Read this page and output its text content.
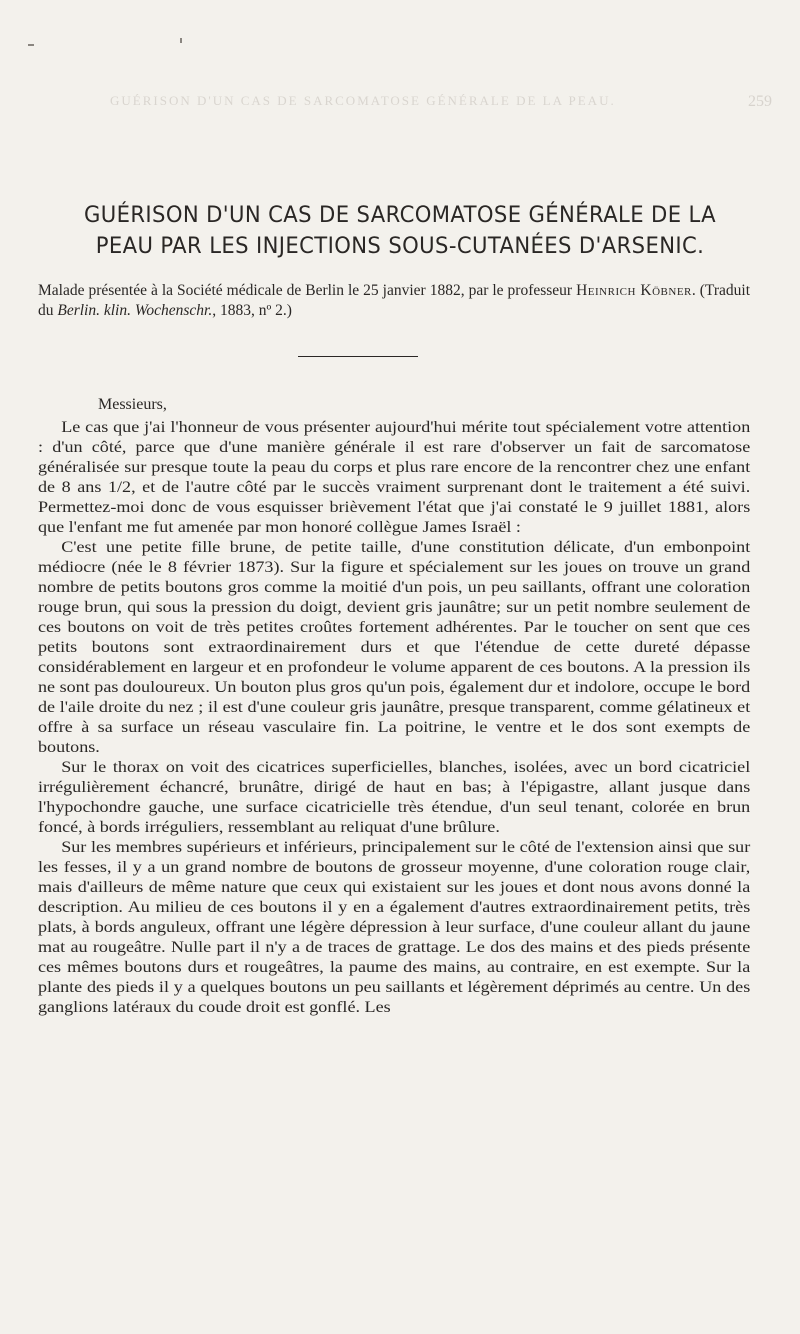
GUÉRISON D'UN CAS DE SARCOMATOSE GÉNÉRALE DE LA PEAU.	259
GUÉRISON D'UN CAS DE SARCOMATOSE GÉNÉRALE DE LA
PEAU PAR LES INJECTIONS SOUS-CUTANÉES D'ARSENIC.
Malade présentée à la Société médicale de Berlin le 25 janvier 1882, par le professeur Heinrich Köbner. (Traduit du Berlin. klin. Wochenschr., 1883, nº 2.)
Messieurs,

Le cas que j'ai l'honneur de vous présenter aujourd'hui mérite tout spécialement votre attention : d'un côté, parce que d'une manière générale il est rare d'observer un fait de sarcomatose généralisée sur presque toute la peau du corps et plus rare encore de la rencontrer chez une enfant de 8 ans 1/2, et de l'autre côté par le succès vraiment surprenant dont le traitement a été suivi. Permettez-moi donc de vous esquisser brièvement l'état que j'ai constaté le 9 juillet 1881, alors que l'enfant me fut amenée par mon honoré collègue James Israël :

C'est une petite fille brune, de petite taille, d'une constitution délicate, d'un embonpoint médiocre (née le 8 février 1873). Sur la figure et spécialement sur les joues on trouve un grand nombre de petits boutons gros comme la moitié d'un pois, un peu saillants, offrant une coloration rouge brun, qui sous la pression du doigt, devient gris jaunâtre; sur un petit nombre seulement de ces boutons on voit de très petites croûtes fortement adhérentes. Par le toucher on sent que ces petits boutons sont extraordinairement durs et que l'étendue de cette dureté dépasse considérablement en largeur et en profondeur le volume apparent de ces boutons. A la pression ils ne sont pas douloureux. Un bouton plus gros qu'un pois, également dur et indolore, occupe le bord de l'aile droite du nez ; il est d'une couleur gris jaunâtre, presque transparent, comme gélatineux et offre à sa surface un réseau vasculaire fin. La poitrine, le ventre et le dos sont exempts de boutons.

Sur le thorax on voit des cicatrices superficielles, blanches, isolées, avec un bord cicatriciel irrégulièrement échancré, brunâtre, dirigé de haut en bas; à l'épigastre, allant jusque dans l'hypochondre gauche, une surface cicatricielle très étendue, d'un seul tenant, colorée en brun foncé, à bords irréguliers, ressemblant au reliquat d'une brûlure.

Sur les membres supérieurs et inférieurs, principalement sur le côté de l'extension ainsi que sur les fesses, il y a un grand nombre de boutons de grosseur moyenne, d'une coloration rouge clair, mais d'ailleurs de même nature que ceux qui existaient sur les joues et dont nous avons donné la description. Au milieu de ces boutons il y en a également d'autres extraordinairement petits, très plats, à bords anguleux, offrant une légère dépression à leur surface, d'une couleur allant du jaune mat au rougeâtre. Nulle part il n'y a de traces de grattage. Le dos des mains et des pieds présente ces mêmes boutons durs et rougeâtres, la paume des mains, au contraire, en est exempte. Sur la plante des pieds il y a quelques boutons un peu saillants et légèrement déprimés au centre. Un des ganglions latéraux du coude droit est gonflé. Les
